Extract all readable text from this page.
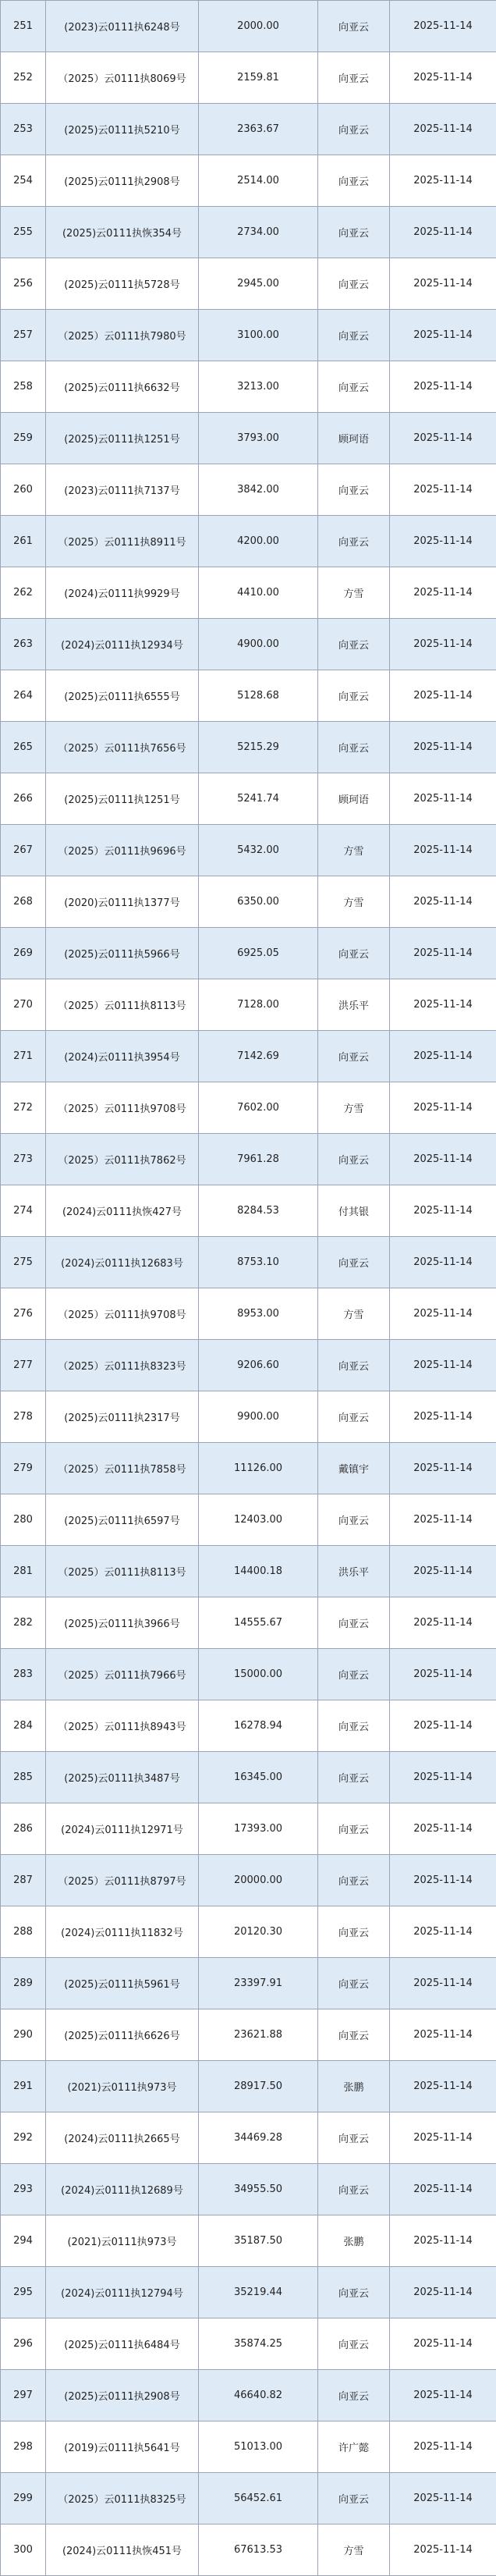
251	(2023)云0111执6248号	2000.00	向亚云	2025-11-14
252	（2025）云0111执8069号	2159.81	向亚云	2025-11-14
253	(2025)云0111执5210号	2363.67	向亚云	2025-11-14
254	(2025)云0111执2908号	2514.00	向亚云	2025-11-14
255	(2025)云0111执恢354号	2734.00	向亚云	2025-11-14
256	(2025)云0111执5728号	2945.00	向亚云	2025-11-14
257	（2025）云0111执7980号	3100.00	向亚云	2025-11-14
258	(2025)云0111执6632号	3213.00	向亚云	2025-11-14
259	(2025)云0111执1251号	3793.00	顾珂语	2025-11-14
260	(2023)云0111执7137号	3842.00	向亚云	2025-11-14
261	（2025）云0111执8911号	4200.00	向亚云	2025-11-14
262	(2024)云0111执9929号	4410.00	方雪	2025-11-14
263	(2024)云0111执12934号	4900.00	向亚云	2025-11-14
264	(2025)云0111执6555号	5128.68	向亚云	2025-11-14
265	（2025）云0111执7656号	5215.29	向亚云	2025-11-14
266	(2025)云0111执1251号	5241.74	顾珂语	2025-11-14
267	（2025）云0111执9696号	5432.00	方雪	2025-11-14
268	(2020)云0111执1377号	6350.00	方雪	2025-11-14
269	(2025)云0111执5966号	6925.05	向亚云	2025-11-14
270	（2025）云0111执8113号	7128.00	洪乐平	2025-11-14
271	(2024)云0111执3954号	7142.69	向亚云	2025-11-14
272	（2025）云0111执9708号	7602.00	方雪	2025-11-14
273	（2025）云0111执7862号	7961.28	向亚云	2025-11-14
274	(2024)云0111执恢427号	8284.53	付其银	2025-11-14
275	(2024)云0111执12683号	8753.10	向亚云	2025-11-14
276	（2025）云0111执9708号	8953.00	方雪	2025-11-14
277	（2025）云0111执8323号	9206.60	向亚云	2025-11-14
278	(2025)云0111执2317号	9900.00	向亚云	2025-11-14
279	（2025）云0111执7858号	11126.00	戴镇宇	2025-11-14
280	(2025)云0111执6597号	12403.00	向亚云	2025-11-14
281	（2025）云0111执8113号	14400.18	洪乐平	2025-11-14
282	(2025)云0111执3966号	14555.67	向亚云	2025-11-14
283	（2025）云0111执7966号	15000.00	向亚云	2025-11-14
284	（2025）云0111执8943号	16278.94	向亚云	2025-11-14
285	(2025)云0111执3487号	16345.00	向亚云	2025-11-14
286	(2024)云0111执12971号	17393.00	向亚云	2025-11-14
287	（2025）云0111执8797号	20000.00	向亚云	2025-11-14
288	(2024)云0111执11832号	20120.30	向亚云	2025-11-14
289	(2025)云0111执5961号	23397.91	向亚云	2025-11-14
290	(2025)云0111执6626号	23621.88	向亚云	2025-11-14
291	(2021)云0111执973号	28917.50	张鹏	2025-11-14
292	(2024)云0111执2665号	34469.28	向亚云	2025-11-14
293	(2024)云0111执12689号	34955.50	向亚云	2025-11-14
294	(2021)云0111执973号	35187.50	张鹏	2025-11-14
295	(2024)云0111执12794号	35219.44	向亚云	2025-11-14
296	(2025)云0111执6484号	35874.25	向亚云	2025-11-14
297	(2025)云0111执2908号	46640.82	向亚云	2025-11-14
298	(2019)云0111执5641号	51013.00	许广懿	2025-11-14
299	（2025）云0111执8325号	56452.61	向亚云	2025-11-14
300	(2024)云0111执恢451号	67613.53	方雪	2025-11-14
